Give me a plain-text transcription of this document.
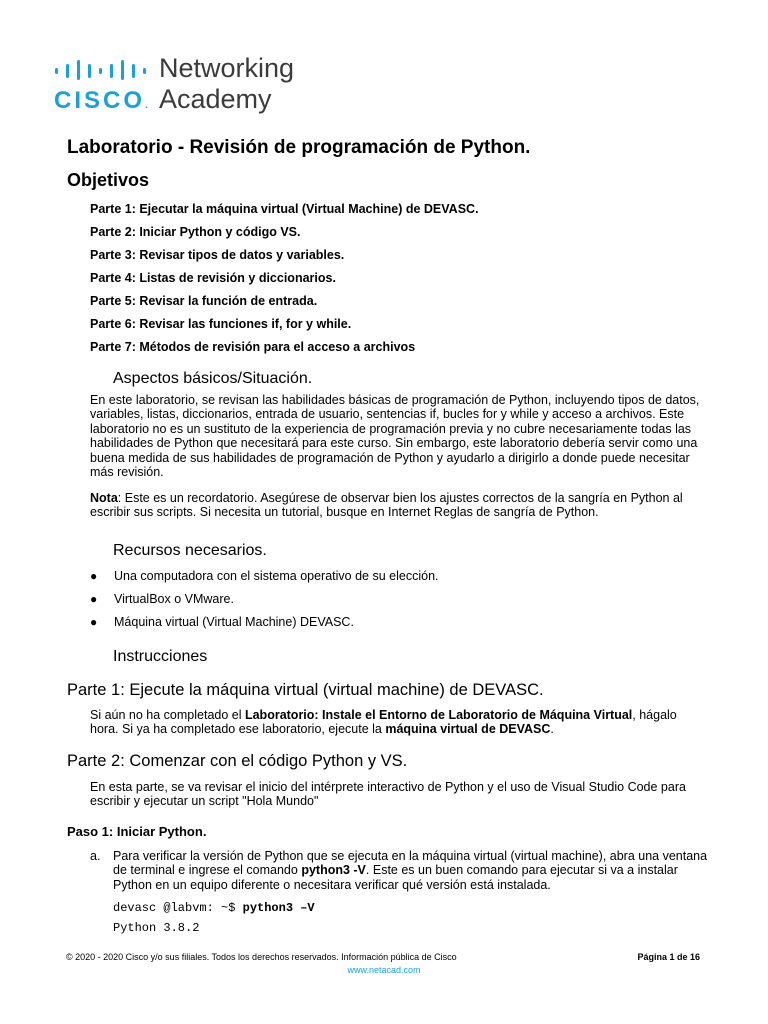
CISCO.
Networking
Academy
Laboratorio - Revisión de programación de Python.
Objetivos
Parte 1: Ejecutar la máquina virtual (Virtual Machine) de DEVASC.
Parte 2: Iniciar Python y código VS.
Parte 3: Revisar tipos de datos y variables.
Parte 4: Listas de revisión y diccionarios.
Parte 5: Revisar la función de entrada.
Parte 6: Revisar las funciones if, for y while.
Parte 7: Métodos de revisión para el acceso a archivos
Aspectos básicos/Situación.

En este laboratorio, se revisan las habilidades básicas de programación de Python, incluyendo tipos de datos, variables, listas, diccionarios, entrada de usuario, sentencias if, bucles for y while y acceso a archivos. Este laboratorio no es un sustituto de la experiencia de programación previa y no cubre necesariamente todas las habilidades de Python que necesitará para este curso. Sin embargo, este laboratorio debería servir como una buena medida de sus habilidades de programación de Python y ayudarlo a dirigirlo a donde puede necesitar más revisión.

Nota: Este es un recordatorio. Asegúrese de observar bien los ajustes correctos de la sangría en Python al escribir sus scripts. Si necesita un tutorial, busque en Internet Reglas de sangría de Python.

Recursos necesarios.
● Una computadora con el sistema operativo de su elección.
● VirtualBox o VMware.
● Máquina virtual (Virtual Machine) DEVASC.
Instrucciones
Parte 1: Ejecute la máquina virtual (virtual machine) de DEVASC.

Si aún no ha completado el Laboratorio: Instale el Entorno de Laboratorio de Máquina Virtual, hágalo hora. Si ya ha completado ese laboratorio, ejecute la máquina virtual de DEVASC.

Parte 2: Comenzar con el código Python y VS.

En esta parte, se va revisar el inicio del intérprete interactivo de Python y el uso de Visual Studio Code para escribir y ejecutar un script "Hola Mundo"

Paso 1: Iniciar Python.
a. Para verificar la versión de Python que se ejecuta en la máquina virtual (virtual machine), abra una ventana de terminal e ingrese el comando python3 -V. Este es un buen comando para ejecutar si va a instalar Python en un equipo diferente o necesitara verificar qué versión está instalada.

devasc @labvm: ~$ python3 –V

Python 3.8.2

© 2020 - 2020 Cisco y/o sus filiales. Todos los derechos reservados. Información pública de Cisco	Página 1 de 16
www.netacad.com
